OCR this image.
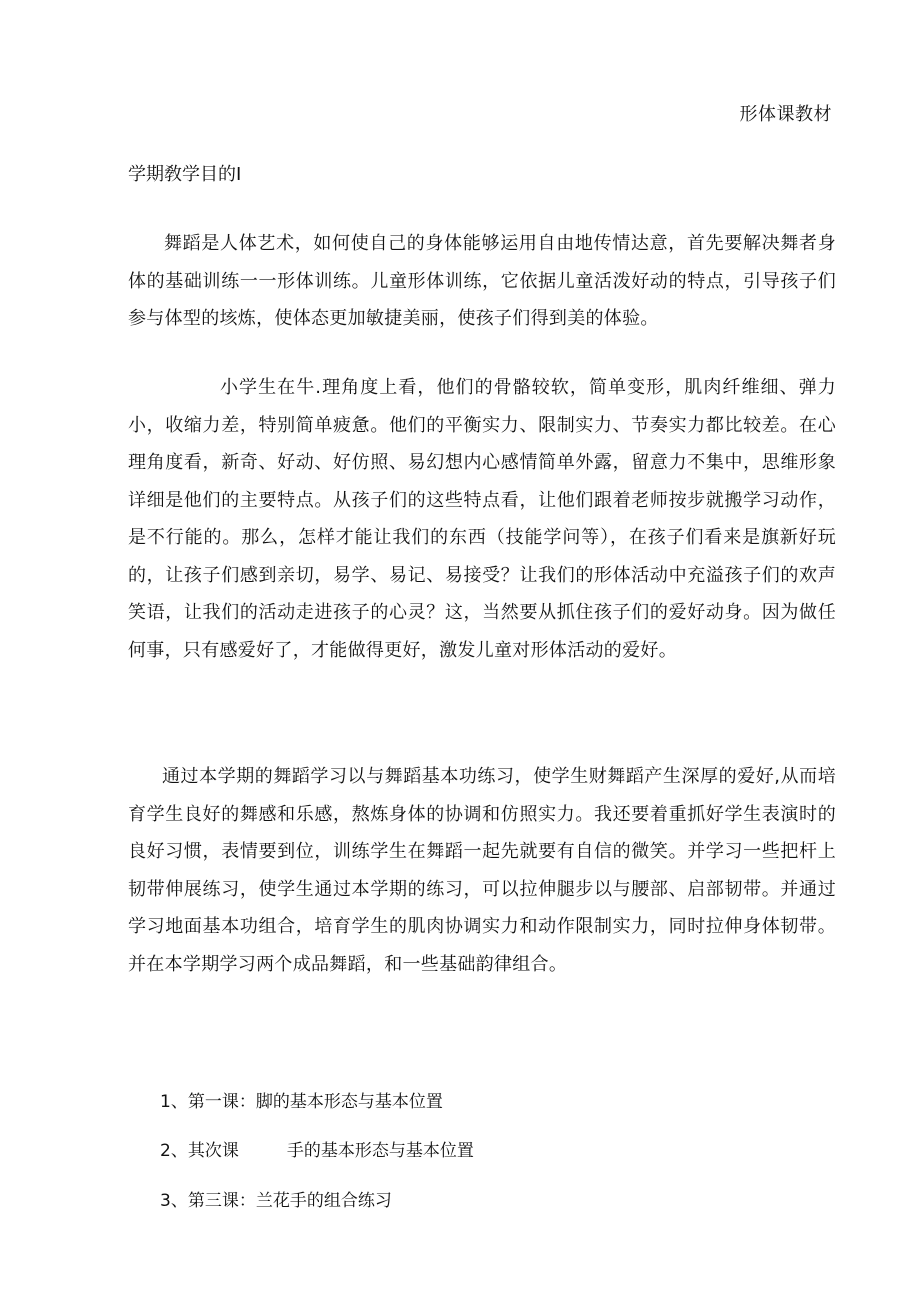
形体课教材
学期敎学目的I

舞蹈是人体艺术，如何使自己的身体能够运用自由地传情达意，首先要解决舞者身体的基础训练一一形体训练。儿童形体训练，它依据儿童活泼好动的特点，引导孩子们参与体型的垓炼，使体态更加敏捷美丽，使孩子们得到美的体验。

小学生在牛.理角度上看，他们的骨骼较软，简单变形，肌肉纤维细、弹力小，收缩力差，特别简单疲惫。他们的平衡实力、限制实力、节奏实力都比较差。在心理角度看，新奇、好动、好仿照、易幻想内心感情简单外露，留意力不集中，思维形象详细是他们的主要特点。从孩子们的这些特点看，让他们跟着老师按步就搬学习动作，是不行能的。那么，怎样才能让我们的东西（技能学问等），在孩子们看来是旗新好玩的，让孩子们感到亲切，易学、易记、易接受？让我们的形体活动中充溢孩子们的欢声笑语，让我们的活动走进孩子的心灵？这，当然要从抓住孩子们的爱好动身。因为做任何事，只有感爱好了，才能做得更好，激发儿童对形体活动的爱好。

通过本学期的舞蹈学习以与舞蹈基本功练习，使学生财舞蹈产生深厚的爱好,从而培育学生良好的舞感和乐感，熬炼身体的协调和仿照实力。我还要着重抓好学生表演时的良好习惯，表情要到位，训练学生在舞蹈一起先就要有自信的微笑。并学习一些把杆上韧带伸展练习，使学生通过本学期的练习，可以拉伸腿步以与腰部、启部韧带。并通过学习地面基本功组合，培育学生的肌肉协调实力和动作限制实力，同时拉伸身体韧带。并在本学期学习两个成品舞蹈，和一些基础韵律组合。

1、第一课：脚的基本形态与基本位置
2、其次课	手的基本形态与基本位置
3、第三课：兰花手的组合练习
